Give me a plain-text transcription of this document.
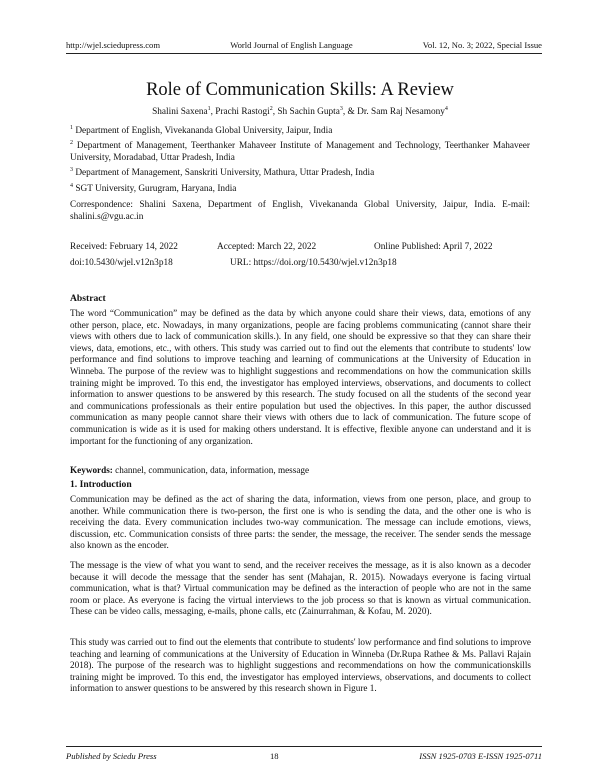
http://wjel.sciedupress.com	World Journal of English Language	Vol. 12, No. 3; 2022, Special Issue
Role of Communication Skills: A Review
Shalini Saxena$^1$, Prachi Rastogi$^2$, Sh Sachin Gupta$^3$, & Dr. Sam Raj Nesamony$^4$
$^1$ Department of English, Vivekananda Global University, Jaipur, India
$^2$ Department of Management, Teerthanker Mahaveer Institute of Management and Technology, Teerthanker Mahaveer University, Moradabad, Uttar Pradesh, India
$^3$ Department of Management, Sanskriti University, Mathura, Uttar Pradesh, India
$^4$ SGT University, Gurugram, Haryana, India
Correspondence: Shalini Saxena, Department of English, Vivekananda Global University, Jaipur, India. E-mail: shalini.s@vgu.ac.in
Received: February 14, 2022	Accepted: March 22, 2022	Online Published: April 7, 2022
doi:10.5430/wjel.v12n3p18	URL: https://doi.org/10.5430/wjel.v12n3p18
Abstract
The word “Communication” may be defined as the data by which anyone could share their views, data, emotions of any other person, place, etc. Nowadays, in many organizations, people are facing problems communicating (cannot share their views with others due to lack of communication skills.). In any field, one should be expressive so that they can share their views, data, emotions, etc., with others. This study was carried out to find out the elements that contribute to students' low performance and find solutions to improve teaching and learning of communications at the University of Education in Winneba. The purpose of the review was to highlight suggestions and recommendations on how the communication skills training might be improved. To this end, the investigator has employed interviews, observations, and documents to collect information to answer questions to be answered by this research. The study focused on all the students of the second year and communications professionals as their entire population but used the objectives. In this paper, the author discussed communication as many people cannot share their views with others due to lack of communication. The future scope of communication is wide as it is used for making others understand. It is effective, flexible anyone can understand and it is important for the functioning of any organization.
Keywords: channel, communication, data, information, message
1. Introduction
Communication may be defined as the act of sharing the data, information, views from one person, place, and group to another. While communication there is two-person, the first one is who is sending the data, and the other one is who is receiving the data. Every communication includes two-way communication. The message can include emotions, views, discussion, etc. Communication consists of three parts: the sender, the message, the receiver. The sender sends the message also known as the encoder.
The message is the view of what you want to send, and the receiver receives the message, as it is also known as a decoder because it will decode the message that the sender has sent (Mahajan, R. 2015). Nowadays everyone is facing virtual communication, what is that? Virtual communication may be defined as the interaction of people who are not in the same room or place. As everyone is facing the virtual interviews to the job process so that is known as virtual communication. These can be video calls, messaging, e-mails, phone calls, etc (Zainurrahman, & Kofau, M. 2020).
This study was carried out to find out the elements that contribute to students' low performance and find solutions to improve teaching and learning of communications at the University of Education in Winneba (Dr.Rupa Rathee & Ms. Pallavi Rajain 2018). The purpose of the research was to highlight suggestions and recommendations on how the communicationskills training might be improved. To this end, the investigator has employed interviews, observations, and documents to collect information to answer questions to be answered by this research shown in Figure 1.
Published by Sciedu Press	18	ISSN 1925-0703 E-ISSN 1925-0711
